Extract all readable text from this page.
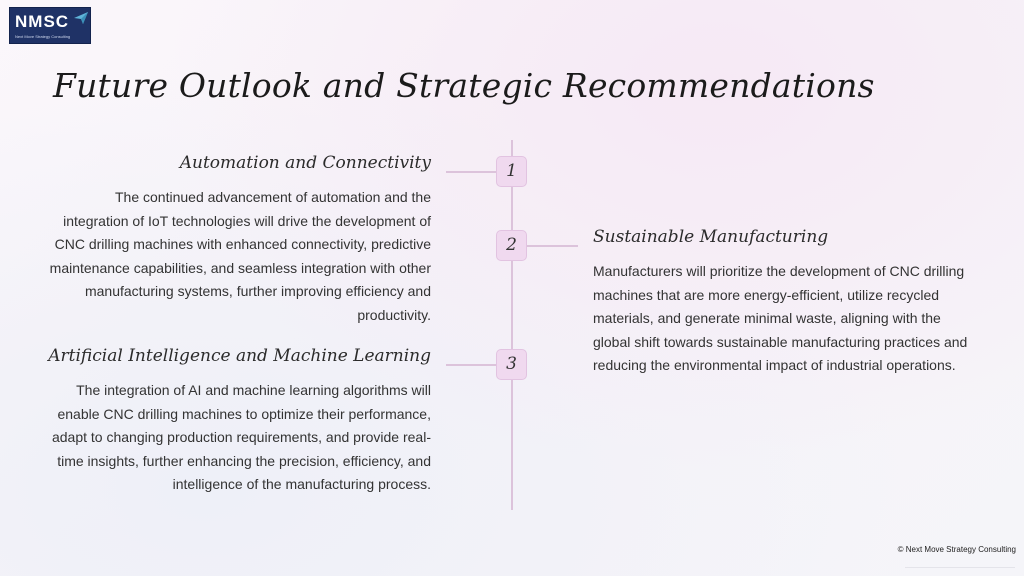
NMSC
Next Move Strategy Consulting
Future Outlook and Strategic Recommendations
1
Automation and Connectivity

The continued advancement of automation and the integration of IoT technologies will drive the development of CNC drilling machines with enhanced connectivity, predictive maintenance capabilities, and seamless integration with other manufacturing systems, further improving efficiency and productivity.

2	Sustainable Manufacturing

Manufacturers will prioritize the development of CNC drilling machines that are more energy-efficient, utilize recycled materials, and generate minimal waste, aligning with the global shift towards sustainable manufacturing practices and reducing the environmental impact of industrial operations.

3
Artificial Intelligence and Machine Learning

The integration of AI and machine learning algorithms will enable CNC drilling machines to optimize their performance, adapt to changing production requirements, and provide real-time insights, further enhancing the precision, efficiency, and intelligence of the manufacturing process.

© Next Move Strategy Consulting
